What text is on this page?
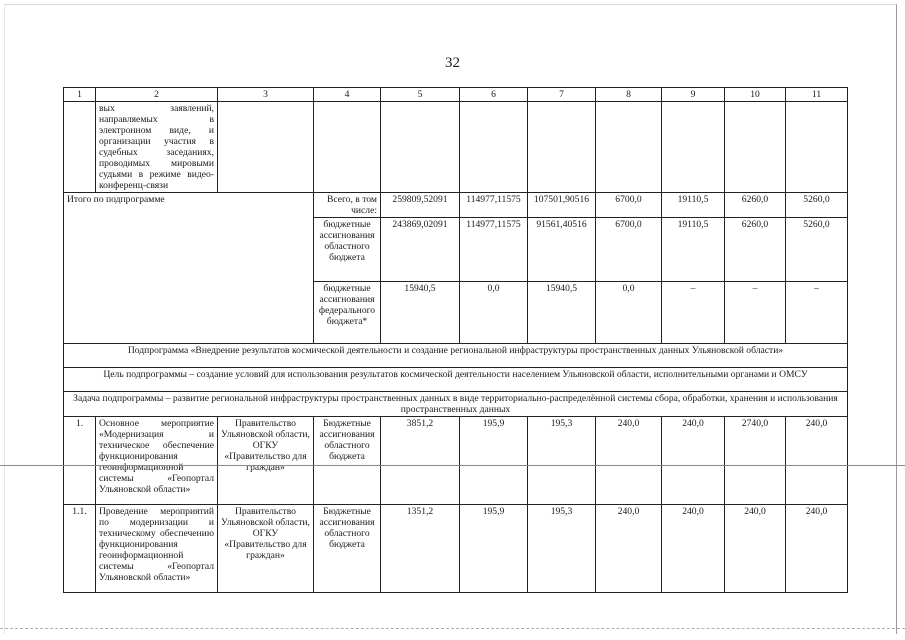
32
1	2	3	4	5	6	7	8	9	10	11
	вых заявлений, направляемых в электронном виде, и организации участия в судебных заседаниях, проводимых мировыми судьями в режиме видео-конференц-связи									
Итого по подпрограмме			Всего, в том числе:	259809,52091	114977,11575	107501,90516	6700,0	19110,5	6260,0	5260,0
			бюджетные ассигнования областного бюджета	243869,02091	114977,11575	91561,40516	6700,0	19110,5	6260,0	5260,0
			бюджетные ассигнования федерального бюджета*	15940,5	0,0	15940,5	0,0	–	–	–
Подпрограмма «Внедрение результатов космической деятельности и создание региональной инфраструктуры пространственных данных Ульяновской области»										
Цель подпрограммы – создание условий для использования результатов космической деятельности населением Ульяновской области, исполнительными органами и ОМСУ										
Задача подпрограммы – развитие региональной инфраструктуры пространственных данных в виде территориально-распределённой системы сбора, обработки, хранения и использования пространственных данных										
1.	Основное мероприятие «Модернизация и техническое обеспечение функционирования геоинформационной системы «Геопортал Ульяновской области»	Правительство Ульяновской области, ОГКУ «Правительство для граждан»	Бюджетные ассигнования областного бюджета	3851,2	195,9	195,3	240,0	240,0	2740,0	240,0
1.1.	Проведение мероприятий по модернизации и техническому обеспечению функционирования геоинформационной системы «Геопортал Ульяновской области»	Правительство Ульяновской области, ОГКУ «Правительство для граждан»	Бюджетные ассигнования областного бюджета	1351,2	195,9	195,3	240,0	240,0	240,0	240,0
